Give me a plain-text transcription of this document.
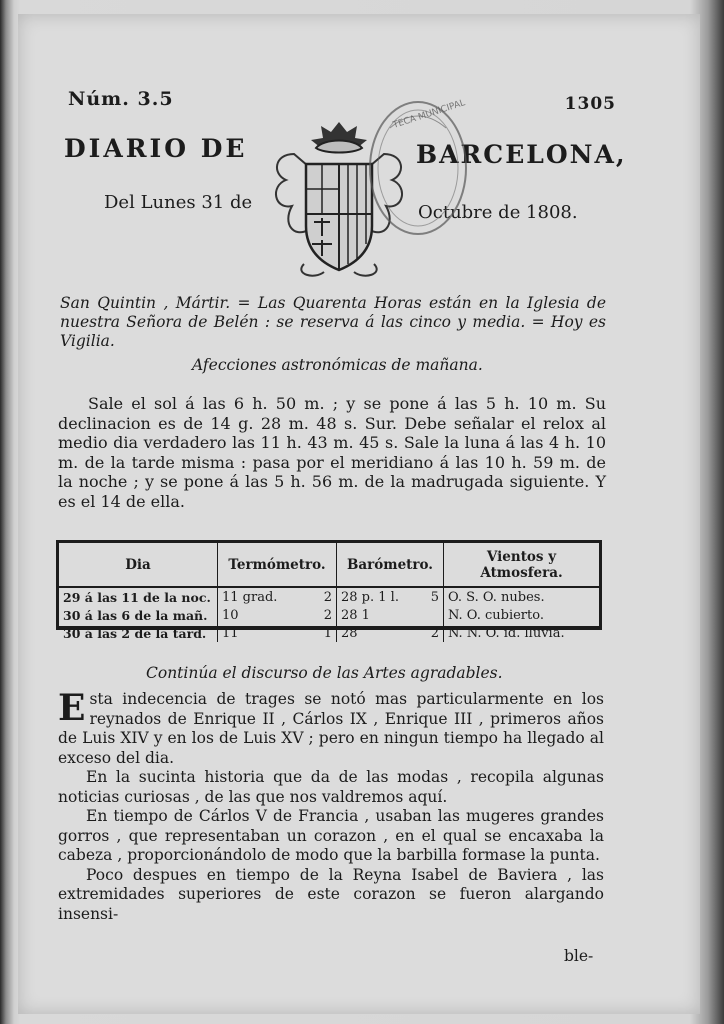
Núm. 3.5	1305
DIARIO DE	BARCELONA,
Del Lunes 31 de	Octubre de 1808.
TECA MUNICIPAL
San Quintin , Mártir. = Las Quarenta Horas están en la Iglesia de nuestra Señora de Belén : se reserva á las cinco y media. = Hoy es Vigilia.
Afecciones astronómicas de mañana.
Sale el sol á las 6 h. 50 m. ; y se pone á las 5 h. 10 m. Su declinacion es de 14 g. 28 m. 48 s. Sur. Debe señalar el relox al medio dia verdadero las 11 h. 43 m. 45 s. Sale la luna á las 4 h. 10 m. de la tarde misma : pasa por el meridiano á las 10 h. 59 m. de la noche ; y se pone á las 5 h. 56 m. de la madrugada siguiente. Y es el 14 de ella.
Dia	Termómetro.	Barómetro.	Vientos y Atmosfera.
29 á las 11 de la noc.	11 grad. 2	28 p. 1 l. 5	O. S. O. nubes.
30 á las 6 de la mañ.	10 2	28 1	N. O. cubierto.
30 á las 2 de la tard.	11 1	28 2	N. N. O. id. lluvia.
Continúa el discurso de las Artes agradables.

Esta indecencia de trages se notó mas particularmente en los reynados de Enrique II , Cárlos IX , Enrique III , primeros años de Luis XIV y en los de Luis XV ; pero en ningun tiempo ha llegado al exceso del dia.

En la sucinta historia que da de las modas , recopila algunas noticias curiosas , de las que nos valdremos aquí.

En tiempo de Cárlos V de Francia , usaban las mugeres grandes gorros , que representaban un corazon , en el qual se encaxaba la cabeza , proporcionándolo de modo que la barbilla formase la punta.

Poco despues en tiempo de la Reyna Isabel de Baviera , las extremidades superiores de este corazon se fueron alargando insensi-

ble-
